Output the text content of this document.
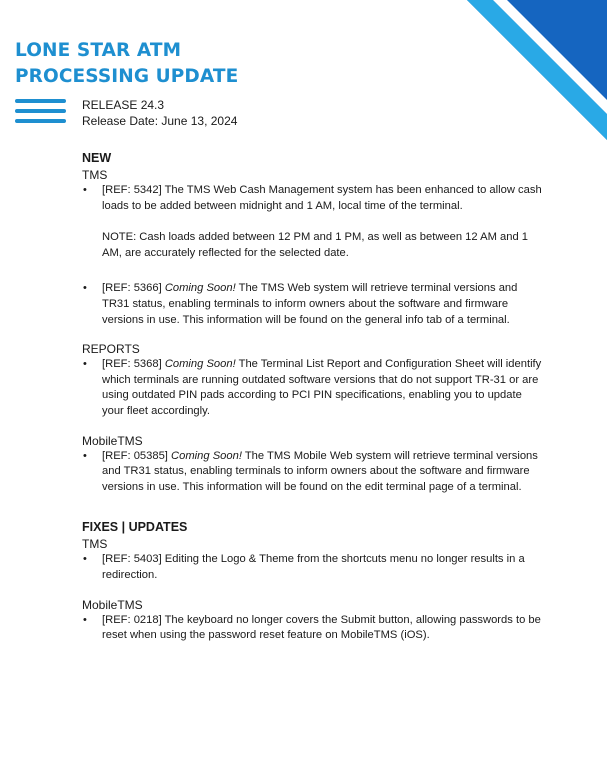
LONE STAR ATM
PROCESSING UPDATE
RELEASE 24.3
Release Date: June 13, 2024
NEW
TMS
• [REF: 5342] The TMS Web Cash Management system has been enhanced to allow cash loads to be added between midnight and 1 AM, local time of the terminal.
NOTE: Cash loads added between 12 PM and 1 PM, as well as between 12 AM and 1 AM, are accurately reflected for the selected date.
• [REF: 5366] Coming Soon! The TMS Web system will retrieve terminal versions and TR31 status, enabling terminals to inform owners about the software and firmware versions in use. This information will be found on the general info tab of a terminal.
REPORTS
• [REF: 5368] Coming Soon! The Terminal List Report and Configuration Sheet will identify which terminals are running outdated software versions that do not support TR-31 or are using outdated PIN pads according to PCI PIN specifications, enabling you to update your fleet accordingly.
MobileTMS
• [REF: 05385] Coming Soon! The TMS Mobile Web system will retrieve terminal versions and TR31 status, enabling terminals to inform owners about the software and firmware versions in use. This information will be found on the edit terminal page of a terminal.
FIXES | UPDATES
TMS
• [REF: 5403] Editing the Logo & Theme from the shortcuts menu no longer results in a redirection.
MobileTMS
• [REF: 0218] The keyboard no longer covers the Submit button, allowing passwords to be reset when using the password reset feature on MobileTMS (iOS).
